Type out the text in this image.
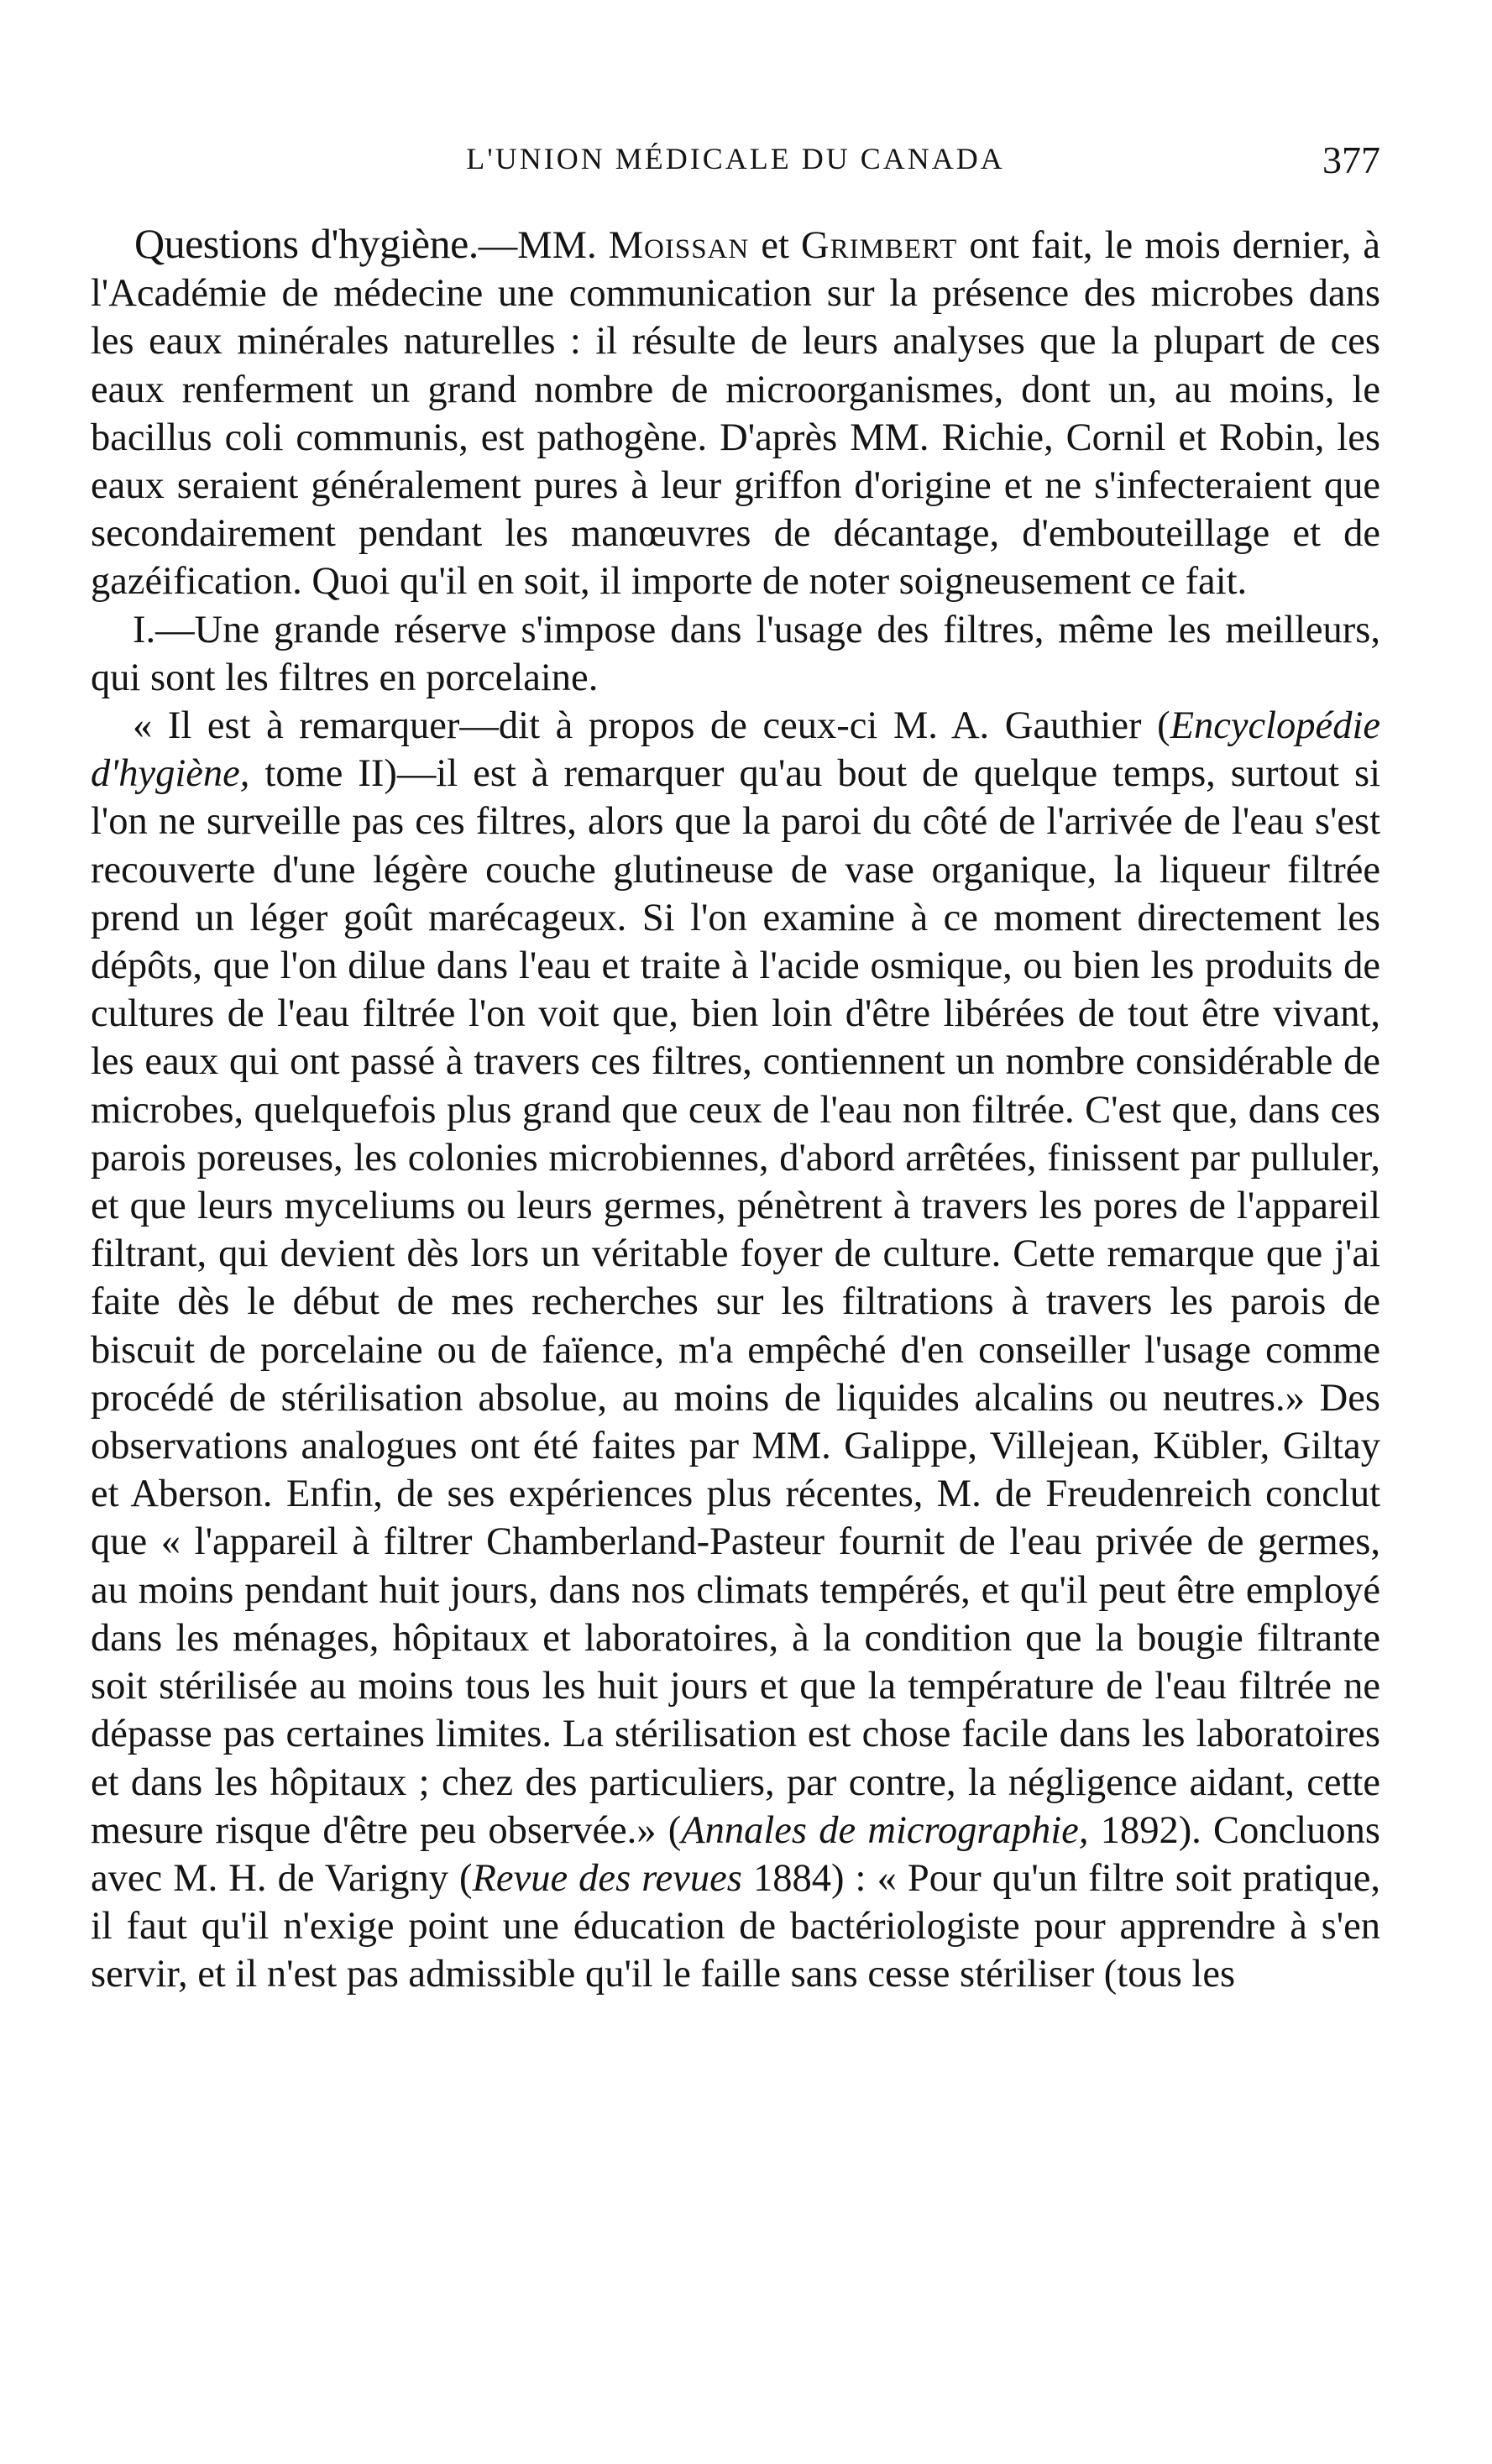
L'UNION MÉDICALE DU CANADA	377

Questions d'hygiène.—MM. Moissan et Grimbert ont fait, le mois dernier, à l'Académie de médecine une communication sur la présence des microbes dans les eaux minérales naturelles : il résulte de leurs analyses que la plupart de ces eaux renferment un grand nombre de microorganismes, dont un, au moins, le bacillus coli communis, est pathogène. D'après MM. Richie, Cornil et Robin, les eaux seraient généralement pures à leur griffon d'origine et ne s'infecteraient que secondairement pendant les manœuvres de décantage, d'embouteillage et de gazéification. Quoi qu'il en soit, il importe de noter soigneusement ce fait.

I.—Une grande réserve s'impose dans l'usage des filtres, même les meilleurs, qui sont les filtres en porcelaine.

« Il est à remarquer—dit à propos de ceux-ci M. A. Gauthier (Encyclopédie d'hygiène, tome II)—il est à remarquer qu'au bout de quelque temps, surtout si l'on ne surveille pas ces filtres, alors que la paroi du côté de l'arrivée de l'eau s'est recouverte d'une légère couche glutineuse de vase organique, la liqueur filtrée prend un léger goût marécageux. Si l'on examine à ce moment directement les dépôts, que l'on dilue dans l'eau et traite à l'acide osmique, ou bien les produits de cultures de l'eau filtrée l'on voit que, bien loin d'être libérées de tout être vivant, les eaux qui ont passé à travers ces filtres, contiennent un nombre considérable de microbes, quelquefois plus grand que ceux de l'eau non filtrée. C'est que, dans ces parois poreuses, les colonies microbiennes, d'abord arrêtées, finissent par pulluler, et que leurs myceliums ou leurs germes, pénètrent à travers les pores de l'appareil filtrant, qui devient dès lors un véritable foyer de culture. Cette remarque que j'ai faite dès le début de mes recherches sur les filtrations à travers les parois de biscuit de porcelaine ou de faïence, m'a empêché d'en conseiller l'usage comme procédé de stérilisation absolue, au moins de liquides alcalins ou neutres.» Des observations analogues ont été faites par MM. Galippe, Villejean, Kübler, Giltay et Aberson. Enfin, de ses expériences plus récentes, M. de Freudenreich conclut que « l'appareil à filtrer Chamberland-Pasteur fournit de l'eau privée de germes, au moins pendant huit jours, dans nos climats tempérés, et qu'il peut être employé dans les ménages, hôpitaux et laboratoires, à la condition que la bougie filtrante soit stérilisée au moins tous les huit jours et que la température de l'eau filtrée ne dépasse pas certaines limites. La stérilisation est chose facile dans les laboratoires et dans les hôpitaux ; chez des particuliers, par contre, la négligence aidant, cette mesure risque d'être peu observée.» (Annales de micrographie, 1892). Concluons avec M. H. de Varigny (Revue des revues 1884) : « Pour qu'un filtre soit pratique, il faut qu'il n'exige point une éducation de bactériologiste pour apprendre à s'en servir, et il n'est pas admissible qu'il le faille sans cesse stériliser (tous les
